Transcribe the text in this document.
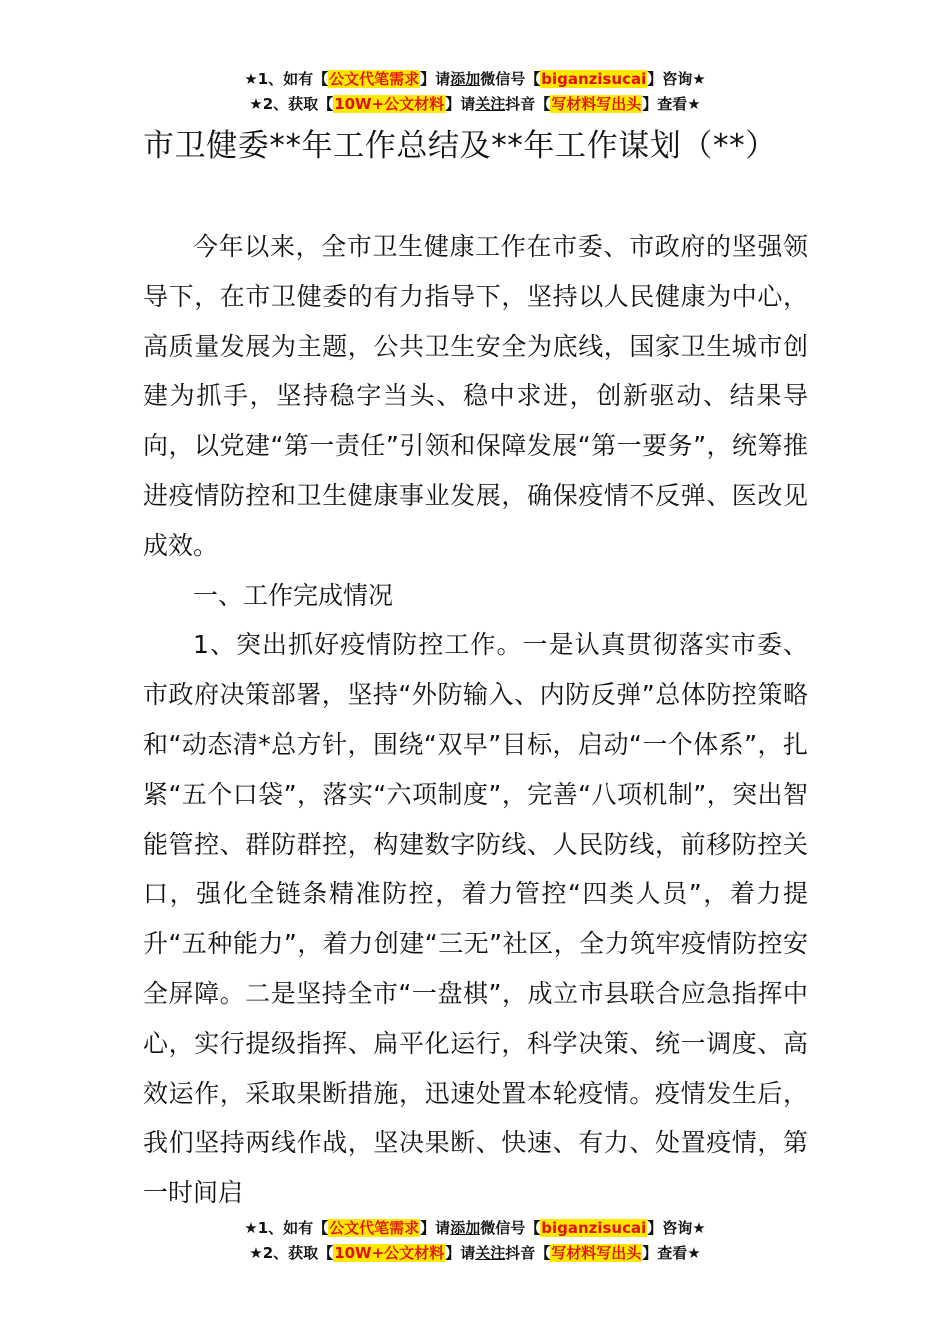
★1、如有【公文代笔需求】请添加微信号【biganzisucai】咨询★
★2、获取【10W+公文材料】请关注抖音【写材料写出头】查看★
市卫健委**年工作总结及**年工作谋划（**）

今年以来，全市卫生健康工作在市委、市政府的坚强领导下，在市卫健委的有力指导下，坚持以人民健康为中心，高质量发展为主题，公共卫生安全为底线，国家卫生城市创建为抓手，坚持稳字当头、稳中求进，创新驱动、结果导向，以党建“第一责任”引领和保障发展“第一要务”，统筹推进疫情防控和卫生健康事业发展，确保疫情不反弹、医改见成效。

一、工作完成情况

1、突出抓好疫情防控工作。一是认真贯彻落实市委、市政府决策部署，坚持“外防输入、内防反弹”总体防控策略和“动态清*总方针，围绕“双早”目标，启动“一个体系”，扎紧“五个口袋”，落实“六项制度”，完善“八项机制”，突出智能管控、群防群控，构建数字防线、人民防线，前移防控关口，强化全链条精准防控，着力管控“四类人员”，着力提升“五种能力”，着力创建“三无”社区，全力筑牢疫情防控安全屏障。二是坚持全市“一盘棋”，成立市县联合应急指挥中心，实行提级指挥、扁平化运行，科学决策、统一调度、高效运作，采取果断措施，迅速处置本轮疫情。疫情发生后，我们坚持两线作战，坚决果断、快速、有力、处置疫情，第一时间启

★1、如有【公文代笔需求】请添加微信号【biganzisucai】咨询★
★2、获取【10W+公文材料】请关注抖音【写材料写出头】查看★
